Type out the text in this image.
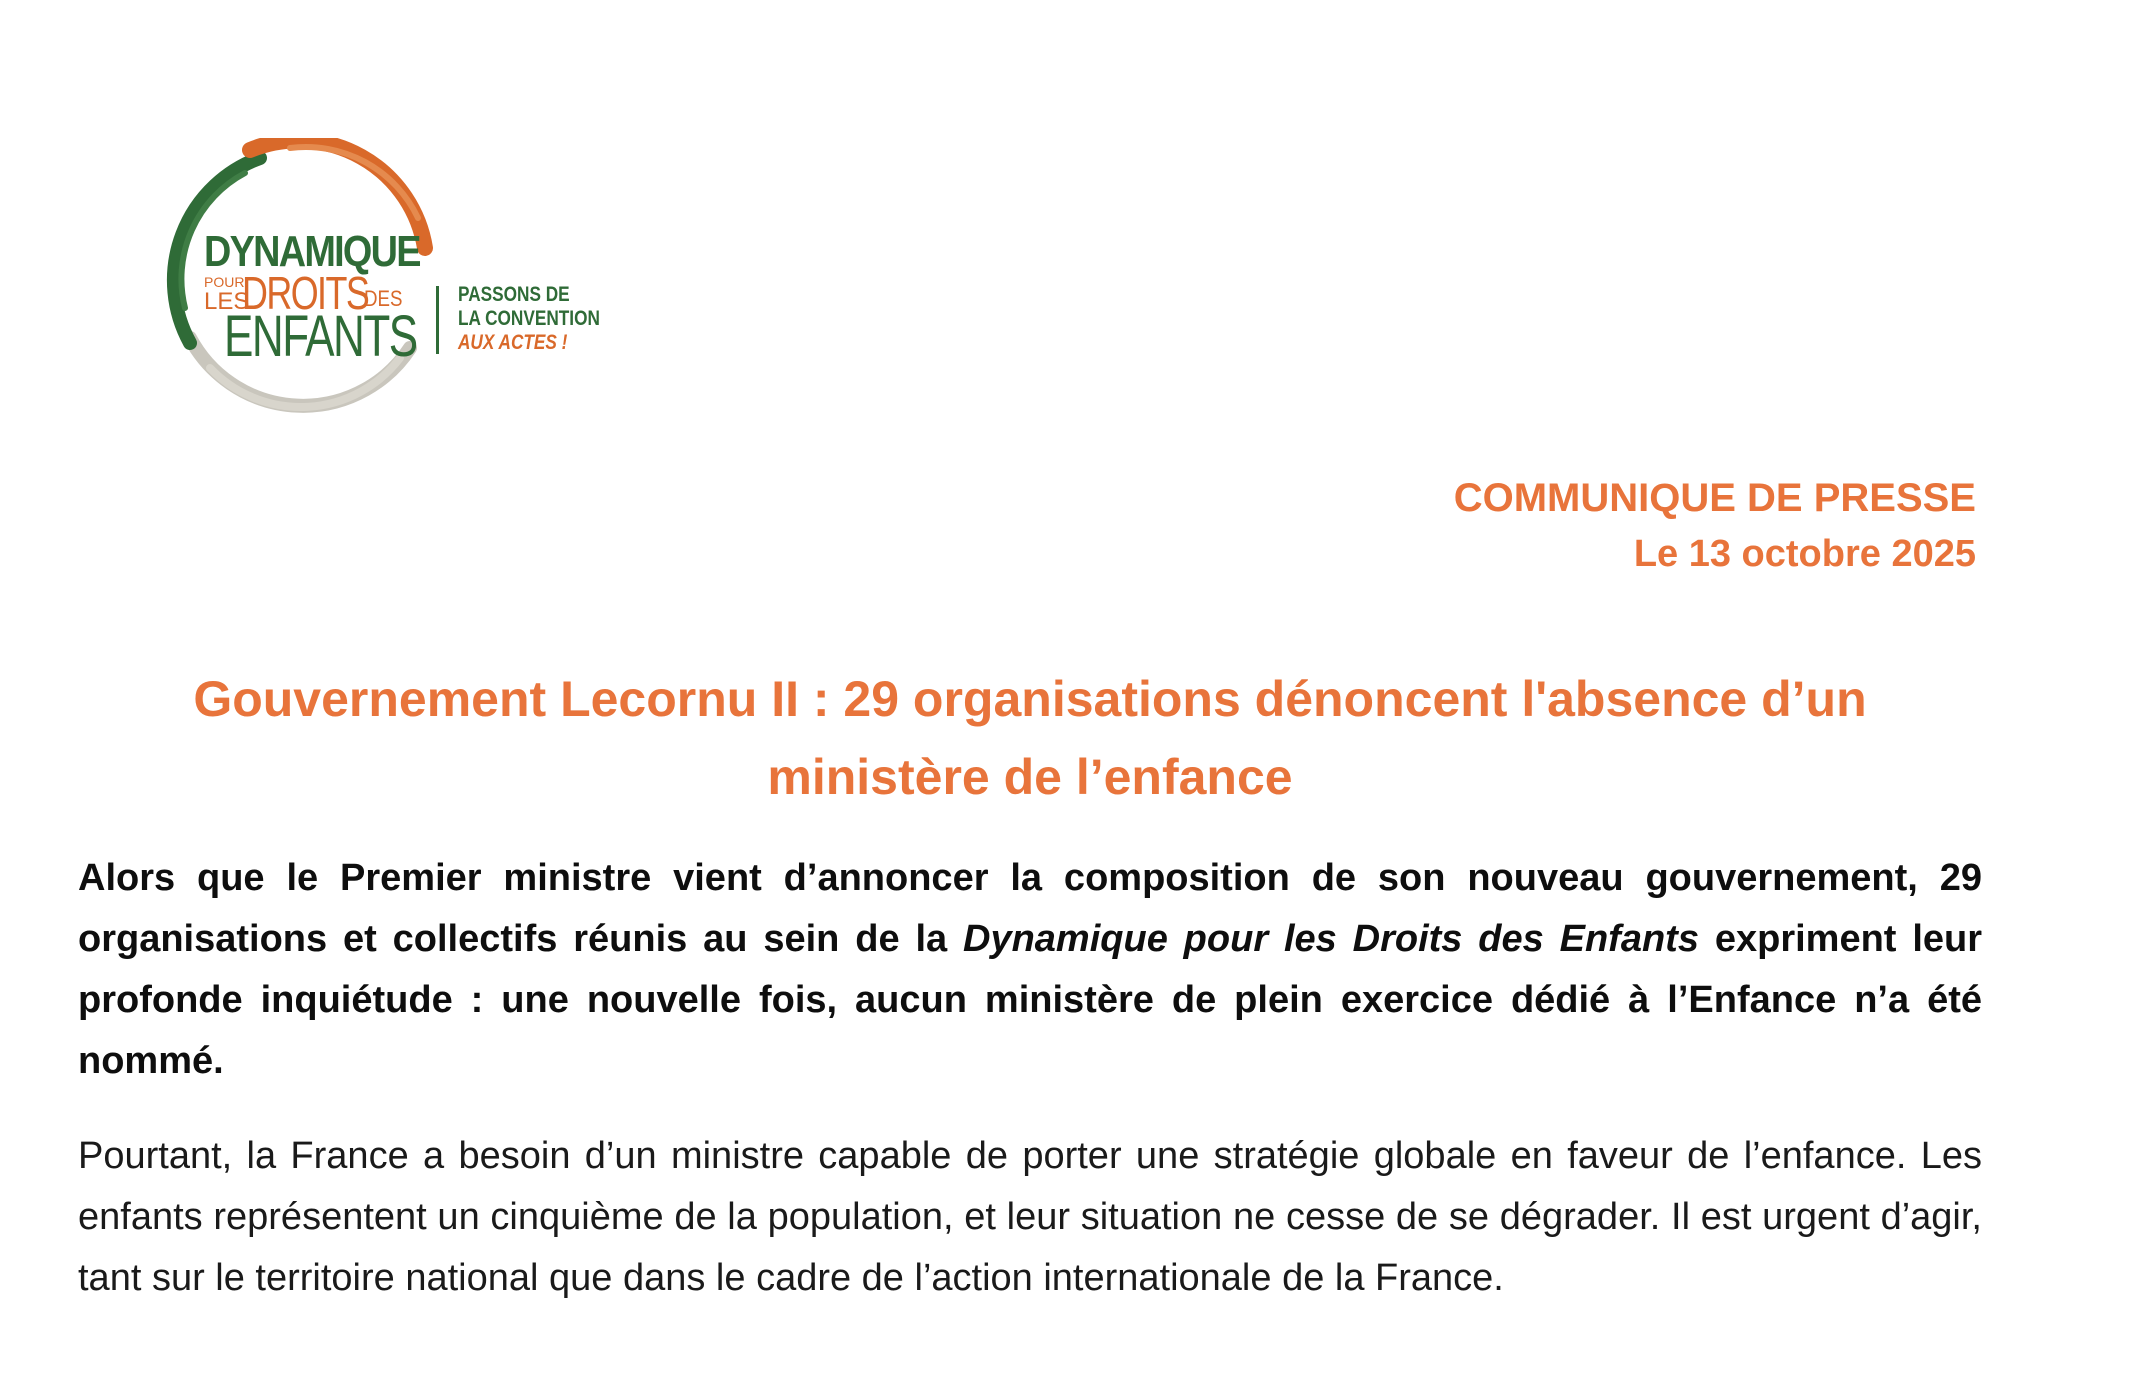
DYNAMIQUE
POUR
LES
DROITS
DES
ENFANTS
PASSONS DE
LA CONVENTION
AUX ACTES !
COMMUNIQUE DE PRESSE
Le 13 octobre 2025
Gouvernement Lecornu II : 29 organisations dénoncent l'absence d’un
ministère de l’enfance

Alors que le Premier ministre vient d’annoncer la composition de son nouveau gouvernement, 29 organisations et collectifs réunis au sein de la Dynamique pour les Droits des Enfants expriment leur profonde inquiétude : une nouvelle fois, aucun ministère de plein exercice dédié à l’Enfance n’a été nommé.

Pourtant, la France a besoin d’un ministre capable de porter une stratégie globale en faveur de l’enfance. Les enfants représentent un cinquième de la population, et leur situation ne cesse de se dégrader. Il est urgent d’agir, tant sur le territoire national que dans le cadre de l’action internationale de la France.
